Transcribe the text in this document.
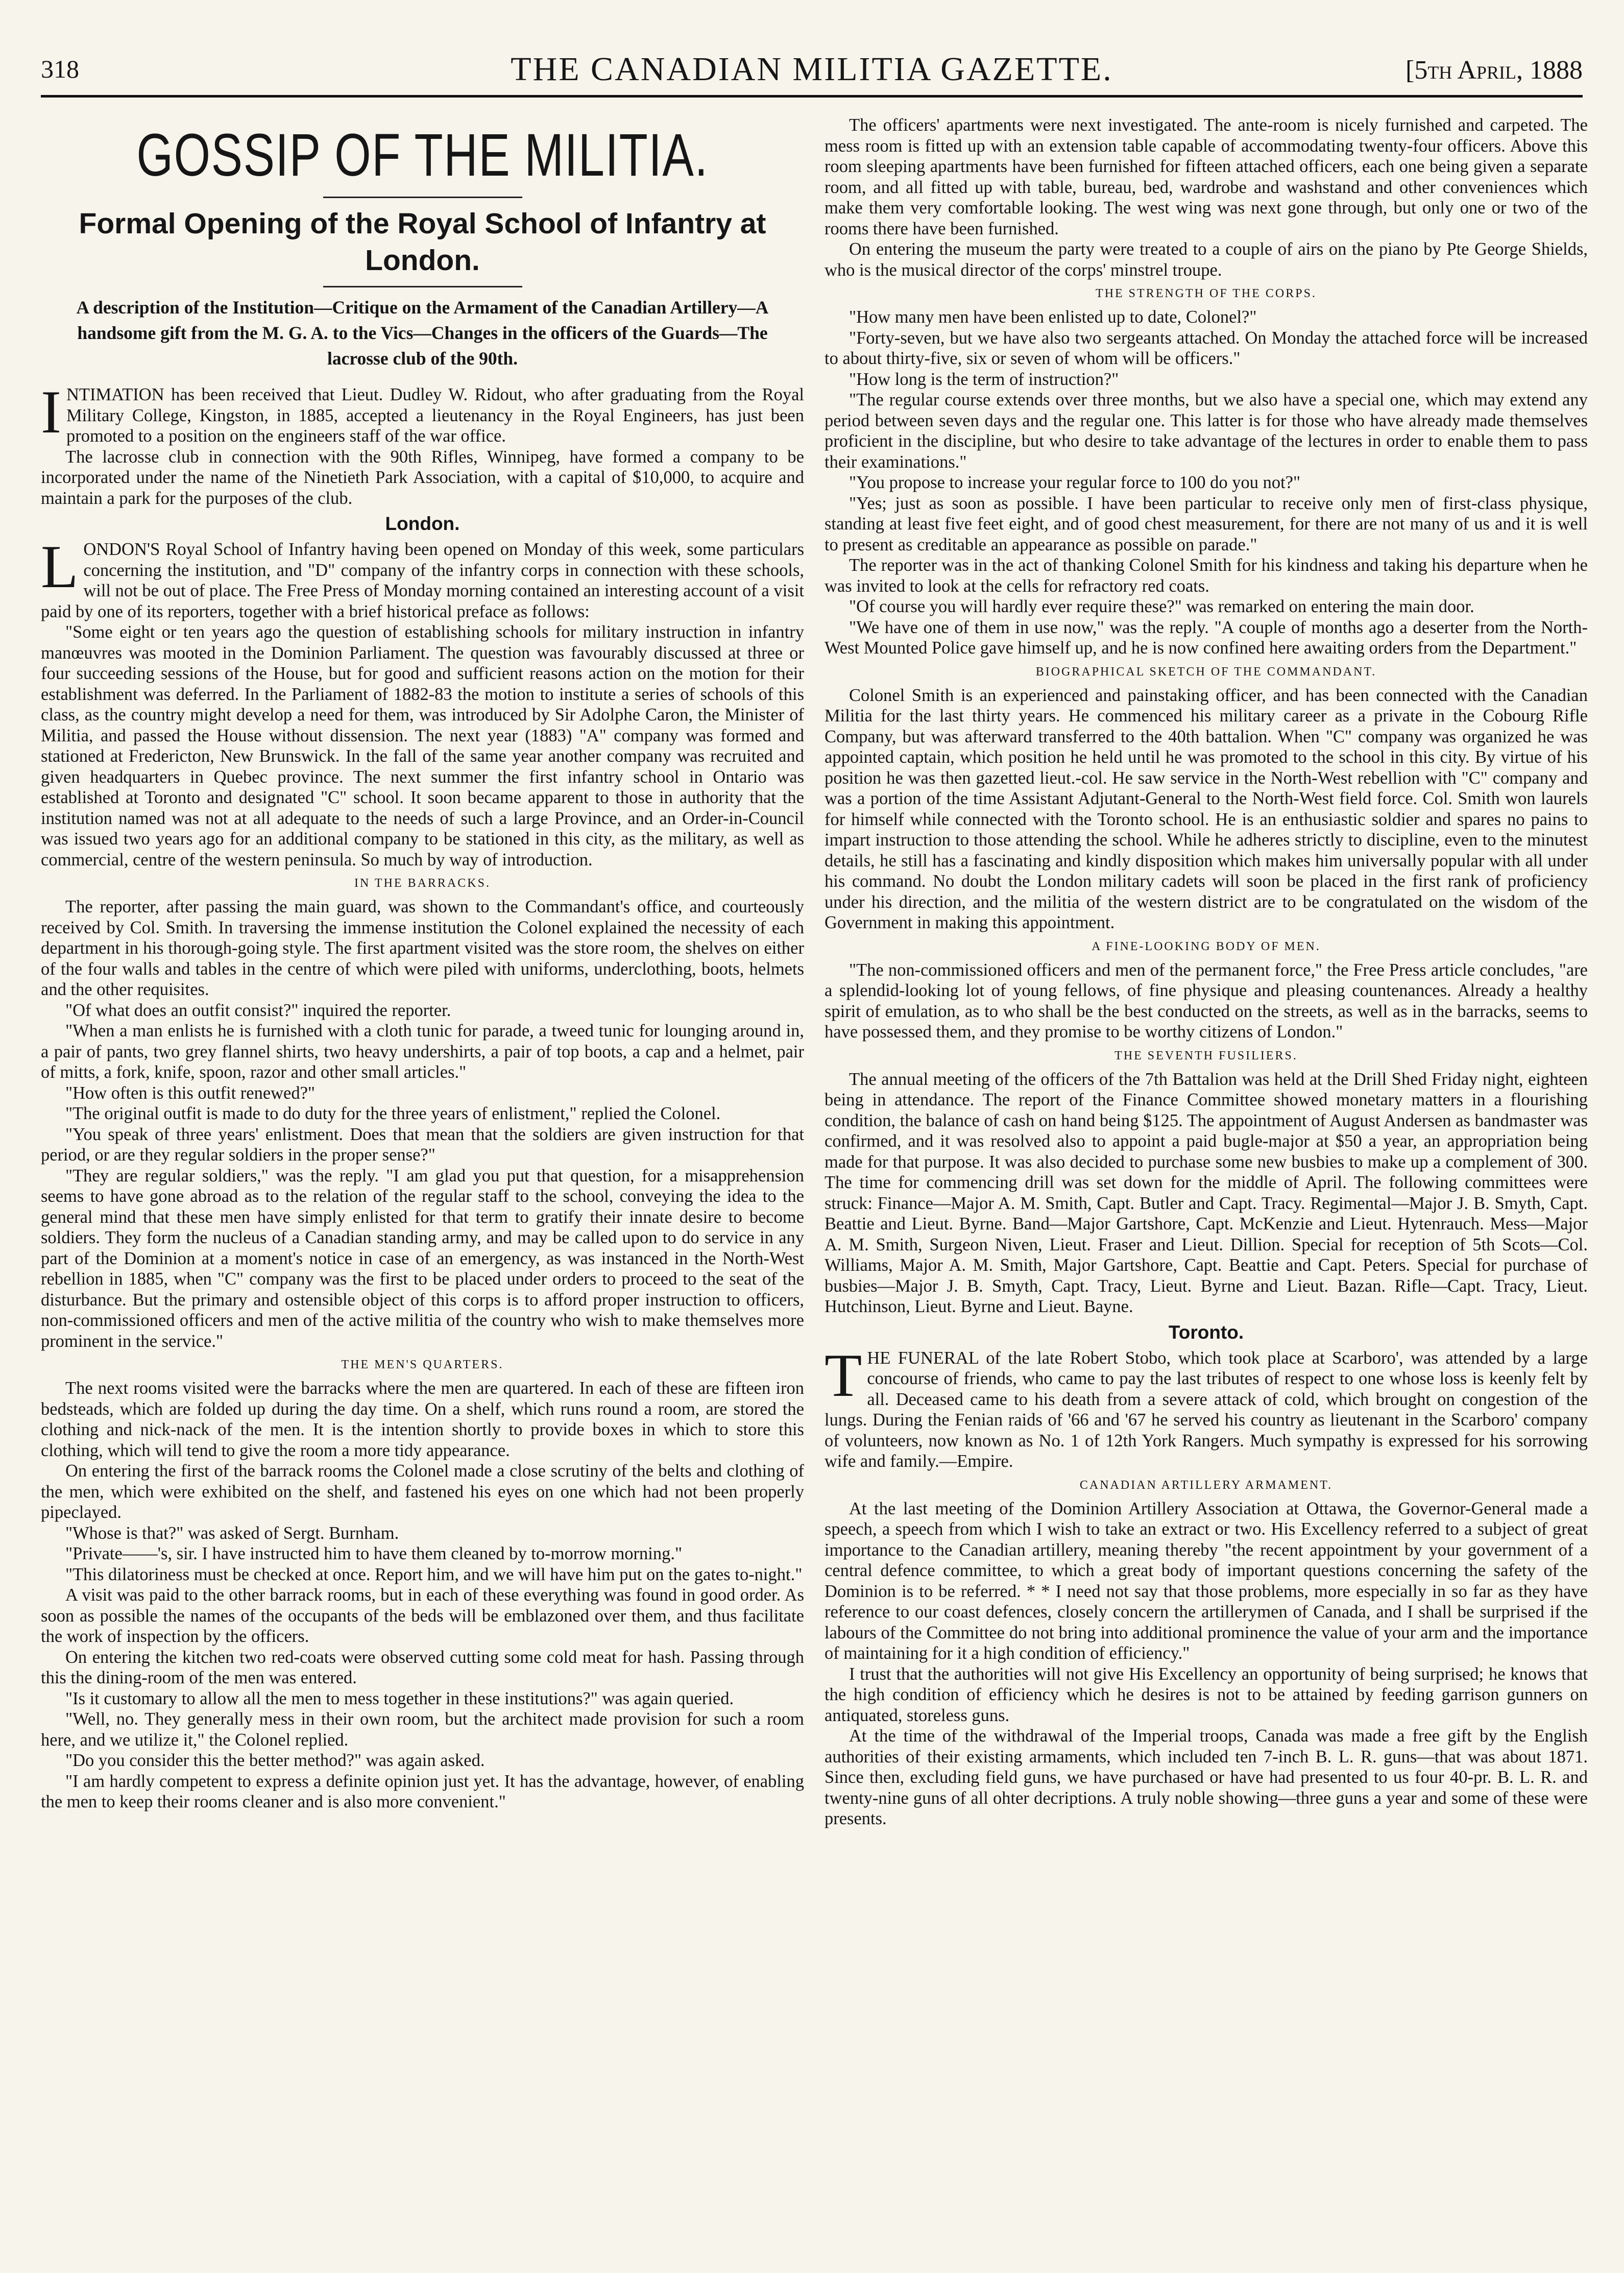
318	THE CANADIAN MILITIA GAZETTE.	[5th April, 1888
GOSSIP OF THE MILITIA.
Formal Opening of the Royal School of Infantry at London.
A description of the Institution—Critique on the Armament of the Canadian Artillery—A handsome gift from the M. G. A. to the Vics—Changes in the officers of the Guards—The lacrosse club of the 90th.

INTIMATION has been received that Lieut. Dudley W. Ridout, who after graduating from the Royal Military College, Kingston, in 1885, accepted a lieutenancy in the Royal Engineers, has just been promoted to a position on the engineers staff of the war office.

The lacrosse club in connection with the 90th Rifles, Winnipeg, have formed a company to be incorporated under the name of the Ninetieth Park Association, with a capital of $10,000, to acquire and maintain a park for the purposes of the club.

London.

LONDON'S Royal School of Infantry having been opened on Monday of this week, some particulars concerning the institution, and "D" company of the infantry corps in connection with these schools, will not be out of place. The Free Press of Monday morning contained an interesting account of a visit paid by one of its reporters, together with a brief historical preface as follows:

"Some eight or ten years ago the question of establishing schools for military instruction in infantry manœuvres was mooted in the Dominion Parliament. The question was favourably discussed at three or four succeeding sessions of the House, but for good and sufficient reasons action on the motion for their establishment was deferred. In the Parliament of 1882-83 the motion to institute a series of schools of this class, as the country might develop a need for them, was introduced by Sir Adolphe Caron, the Minister of Militia, and passed the House without dissension. The next year (1883) "A" company was formed and stationed at Fredericton, New Brunswick. In the fall of the same year another company was recruited and given headquarters in Quebec province. The next summer the first infantry school in Ontario was established at Toronto and designated "C" school. It soon became apparent to those in authority that the institution named was not at all adequate to the needs of such a large Province, and an Order-in-Council was issued two years ago for an additional company to be stationed in this city, as the military, as well as commercial, centre of the western peninsula. So much by way of introduction.

IN THE BARRACKS.

The reporter, after passing the main guard, was shown to the Commandant's office, and courteously received by Col. Smith. In traversing the immense institution the Colonel explained the necessity of each department in his thorough-going style. The first apartment visited was the store room, the shelves on either of the four walls and tables in the centre of which were piled with uniforms, underclothing, boots, helmets and the other requisites.

"Of what does an outfit consist?" inquired the reporter.

"When a man enlists he is furnished with a cloth tunic for parade, a tweed tunic for lounging around in, a pair of pants, two grey flannel shirts, two heavy undershirts, a pair of top boots, a cap and a helmet, pair of mitts, a fork, knife, spoon, razor and other small articles."

"How often is this outfit renewed?"

"The original outfit is made to do duty for the three years of enlistment," replied the Colonel.

"You speak of three years' enlistment. Does that mean that the soldiers are given instruction for that period, or are they regular soldiers in the proper sense?"

"They are regular soldiers," was the reply. "I am glad you put that question, for a misapprehension seems to have gone abroad as to the relation of the regular staff to the school, conveying the idea to the general mind that these men have simply enlisted for that term to gratify their innate desire to become soldiers. They form the nucleus of a Canadian standing army, and may be called upon to do service in any part of the Dominion at a moment's notice in case of an emergency, as was instanced in the North-West rebellion in 1885, when "C" company was the first to be placed under orders to proceed to the seat of the disturbance. But the primary and ostensible object of this corps is to afford proper instruction to officers, non-commissioned officers and men of the active militia of the country who wish to make themselves more prominent in the service."

THE MEN'S QUARTERS.

The next rooms visited were the barracks where the men are quartered. In each of these are fifteen iron bedsteads, which are folded up during the day time. On a shelf, which runs round a room, are stored the clothing and nick-nack of the men. It is the intention shortly to provide boxes in which to store this clothing, which will tend to give the room a more tidy appearance.

On entering the first of the barrack rooms the Colonel made a close scrutiny of the belts and clothing of the men, which were exhibited on the shelf, and fastened his eyes on one which had not been properly pipeclayed.

"Whose is that?" was asked of Sergt. Burnham.

"Private——'s, sir. I have instructed him to have them cleaned by to-morrow morning."

"This dilatoriness must be checked at once. Report him, and we will have him put on the gates to-night."

A visit was paid to the other barrack rooms, but in each of these everything was found in good order. As soon as possible the names of the occupants of the beds will be emblazoned over them, and thus facilitate the work of inspection by the officers.

On entering the kitchen two red-coats were observed cutting some cold meat for hash. Passing through this the dining-room of the men was entered.

"Is it customary to allow all the men to mess together in these institutions?" was again queried.

"Well, no. They generally mess in their own room, but the architect made provision for such a room here, and we utilize it," the Colonel replied.

"Do you consider this the better method?" was again asked.

"I am hardly competent to express a definite opinion just yet. It has the advantage, however, of enabling the men to keep their rooms cleaner and is also more convenient."

The officers' apartments were next investigated. The ante-room is nicely furnished and carpeted. The mess room is fitted up with an extension table capable of accommodating twenty-four officers. Above this room sleeping apartments have been furnished for fifteen attached officers, each one being given a separate room, and all fitted up with table, bureau, bed, wardrobe and washstand and other conveniences which make them very comfortable looking. The west wing was next gone through, but only one or two of the rooms there have been furnished.

On entering the museum the party were treated to a couple of airs on the piano by Pte George Shields, who is the musical director of the corps' minstrel troupe.

THE STRENGTH OF THE CORPS.

"How many men have been enlisted up to date, Colonel?"

"Forty-seven, but we have also two sergeants attached. On Monday the attached force will be increased to about thirty-five, six or seven of whom will be officers."

"How long is the term of instruction?"

"The regular course extends over three months, but we also have a special one, which may extend any period between seven days and the regular one. This latter is for those who have already made themselves proficient in the discipline, but who desire to take advantage of the lectures in order to enable them to pass their examinations."

"You propose to increase your regular force to 100 do you not?"

"Yes; just as soon as possible. I have been particular to receive only men of first-class physique, standing at least five feet eight, and of good chest measurement, for there are not many of us and it is well to present as creditable an appearance as possible on parade."

The reporter was in the act of thanking Colonel Smith for his kindness and taking his departure when he was invited to look at the cells for refractory red coats.

"Of course you will hardly ever require these?" was remarked on entering the main door.

"We have one of them in use now," was the reply. "A couple of months ago a deserter from the North-West Mounted Police gave himself up, and he is now confined here awaiting orders from the Department."

BIOGRAPHICAL SKETCH OF THE COMMANDANT.

Colonel Smith is an experienced and painstaking officer, and has been connected with the Canadian Militia for the last thirty years. He commenced his military career as a private in the Cobourg Rifle Company, but was afterward transferred to the 40th battalion. When "C" company was organized he was appointed captain, which position he held until he was promoted to the school in this city. By virtue of his position he was then gazetted lieut.-col. He saw service in the North-West rebellion with "C" company and was a portion of the time Assistant Adjutant-General to the North-West field force. Col. Smith won laurels for himself while connected with the Toronto school. He is an enthusiastic soldier and spares no pains to impart instruction to those attending the school. While he adheres strictly to discipline, even to the minutest details, he still has a fascinating and kindly disposition which makes him universally popular with all under his command. No doubt the London military cadets will soon be placed in the first rank of proficiency under his direction, and the militia of the western district are to be congratulated on the wisdom of the Government in making this appointment.

A FINE-LOOKING BODY OF MEN.

"The non-commissioned officers and men of the permanent force," the Free Press article concludes, "are a splendid-looking lot of young fellows, of fine physique and pleasing countenances. Already a healthy spirit of emulation, as to who shall be the best conducted on the streets, as well as in the barracks, seems to have possessed them, and they promise to be worthy citizens of London."

THE SEVENTH FUSILIERS.

The annual meeting of the officers of the 7th Battalion was held at the Drill Shed Friday night, eighteen being in attendance. The report of the Finance Committee showed monetary matters in a flourishing condition, the balance of cash on hand being $125. The appointment of August Andersen as bandmaster was confirmed, and it was resolved also to appoint a paid bugle-major at $50 a year, an appropriation being made for that purpose. It was also decided to purchase some new busbies to make up a complement of 300. The time for commencing drill was set down for the middle of April. The following committees were struck: Finance—Major A. M. Smith, Capt. Butler and Capt. Tracy. Regimental—Major J. B. Smyth, Capt. Beattie and Lieut. Byrne. Band—Major Gartshore, Capt. McKenzie and Lieut. Hytenrauch. Mess—Major A. M. Smith, Surgeon Niven, Lieut. Fraser and Lieut. Dillion. Special for reception of 5th Scots—Col. Williams, Major A. M. Smith, Major Gartshore, Capt. Beattie and Capt. Peters. Special for purchase of busbies—Major J. B. Smyth, Capt. Tracy, Lieut. Byrne and Lieut. Bazan. Rifle—Capt. Tracy, Lieut. Hutchinson, Lieut. Byrne and Lieut. Bayne.

Toronto.

THE FUNERAL of the late Robert Stobo, which took place at Scarboro', was attended by a large concourse of friends, who came to pay the last tributes of respect to one whose loss is keenly felt by all. Deceased came to his death from a severe attack of cold, which brought on congestion of the lungs. During the Fenian raids of '66 and '67 he served his country as lieutenant in the Scarboro' company of volunteers, now known as No. 1 of 12th York Rangers. Much sympathy is expressed for his sorrowing wife and family.—Empire.

CANADIAN ARTILLERY ARMAMENT.

At the last meeting of the Dominion Artillery Association at Ottawa, the Governor-General made a speech, a speech from which I wish to take an extract or two. His Excellency referred to a subject of great importance to the Canadian artillery, meaning thereby "the recent appointment by your government of a central defence committee, to which a great body of important questions concerning the safety of the Dominion is to be referred. * * I need not say that those problems, more especially in so far as they have reference to our coast defences, closely concern the artillerymen of Canada, and I shall be surprised if the labours of the Committee do not bring into additional prominence the value of your arm and the importance of maintaining for it a high condition of efficiency."

I trust that the authorities will not give His Excellency an opportunity of being surprised; he knows that the high condition of efficiency which he desires is not to be attained by feeding garrison gunners on antiquated, storeless guns.

At the time of the withdrawal of the Imperial troops, Canada was made a free gift by the English authorities of their existing armaments, which included ten 7-inch B. L. R. guns—that was about 1871. Since then, excluding field guns, we have purchased or have had presented to us four 40-pr. B. L. R. and twenty-nine guns of all ohter decriptions. A truly noble showing—three guns a year and some of these were presents.
